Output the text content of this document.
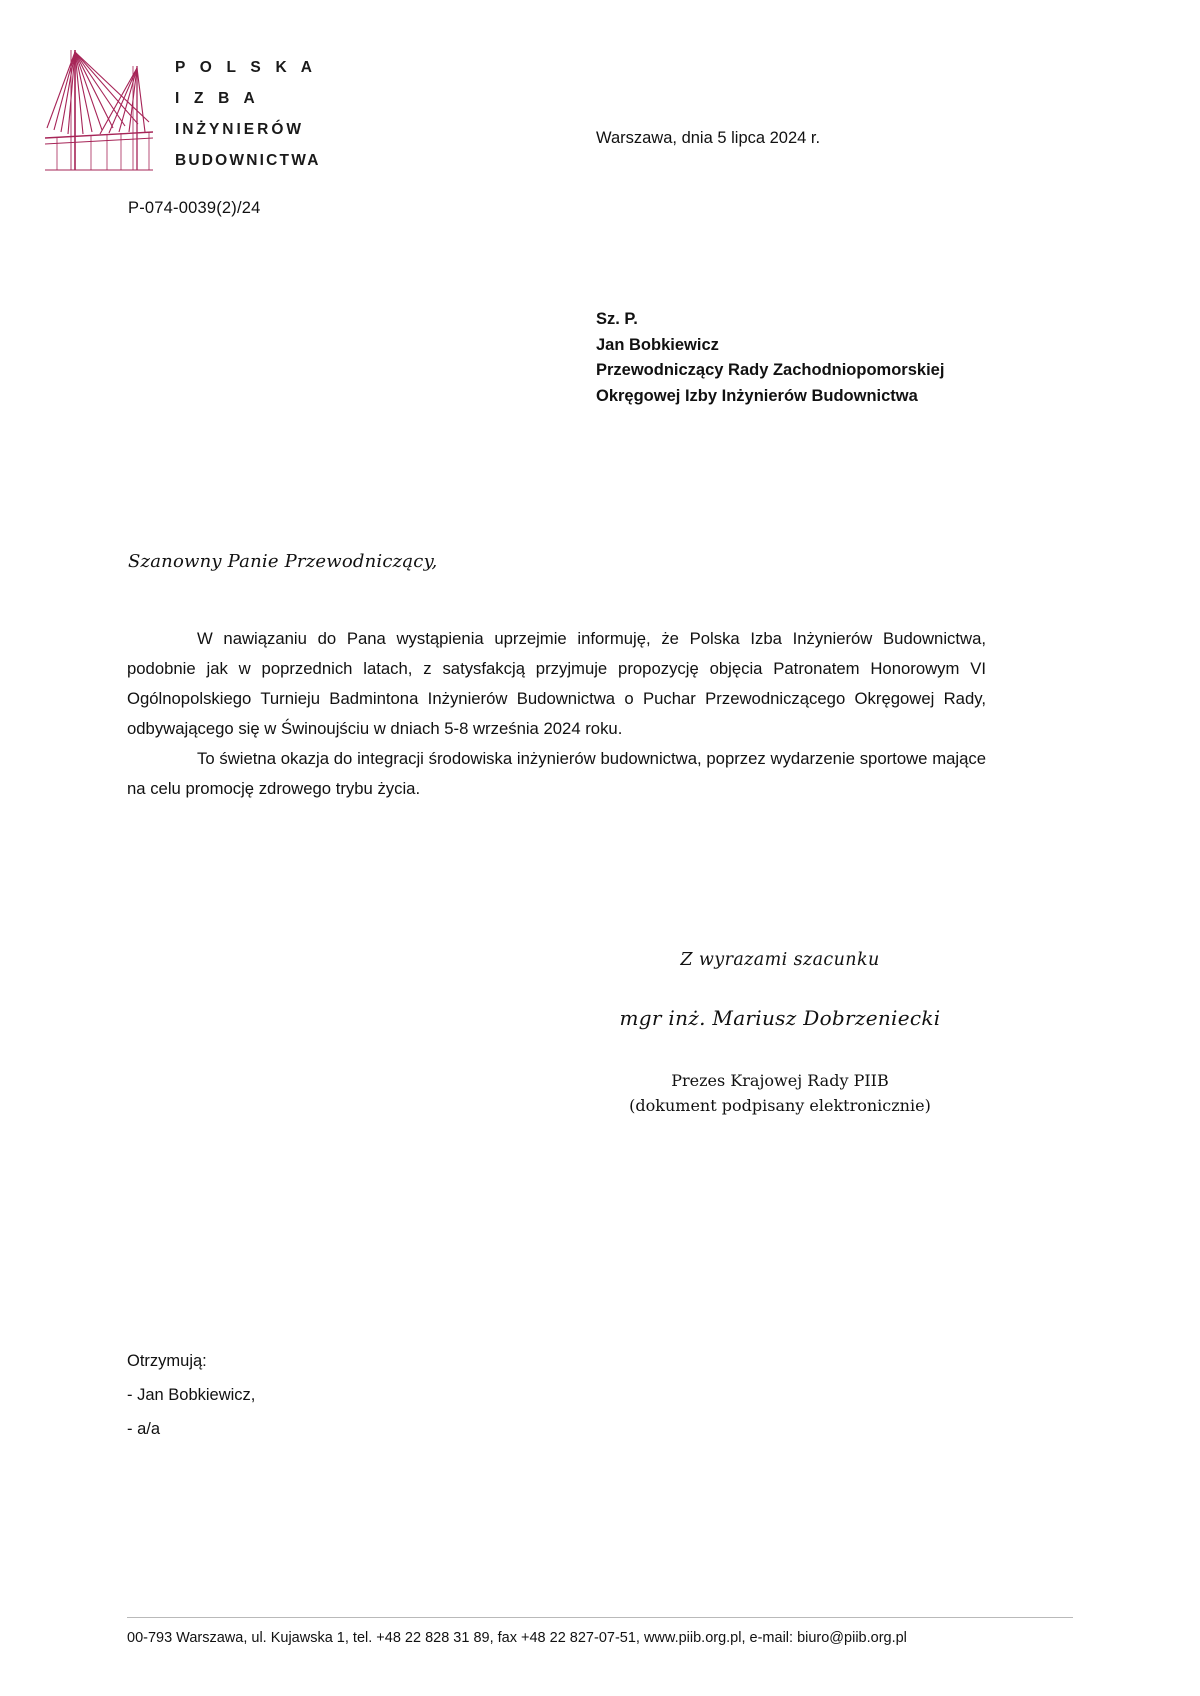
P O L S K A
I Z B A
INŻYNIERÓW
BUDOWNICTWA
P-074-0039(2)/24
Warszawa, dnia 5 lipca 2024 r.
Sz. P.
Jan Bobkiewicz
Przewodniczący Rady Zachodniopomorskiej
Okręgowej Izby Inżynierów Budownictwa
Szanowny Panie Przewodniczący,

W nawiązaniu do Pana wystąpienia uprzejmie informuję, że Polska Izba Inżynierów Budownictwa, podobnie jak w poprzednich latach, z satysfakcją przyjmuje propozycję objęcia Patronatem Honorowym VI Ogólnopolskiego Turnieju Badmintona Inżynierów Budownictwa o Puchar Przewodniczącego Okręgowej Rady, odbywającego się w Świnoujściu w dniach 5-8 września 2024 roku.

To świetna okazja do integracji środowiska inżynierów budownictwa, poprzez wydarzenie sportowe mające na celu promocję zdrowego trybu życia.

Z wyrazami szacunku
mgr inż. Mariusz Dobrzeniecki
Prezes Krajowej Rady PIIB
(dokument podpisany elektronicznie)
Otrzymują:
- Jan Bobkiewicz,
- a/a
00-793 Warszawa, ul. Kujawska 1, tel. +48 22 828 31 89, fax +48 22 827-07-51, www.piib.org.pl, e-mail: biuro@piib.org.pl
